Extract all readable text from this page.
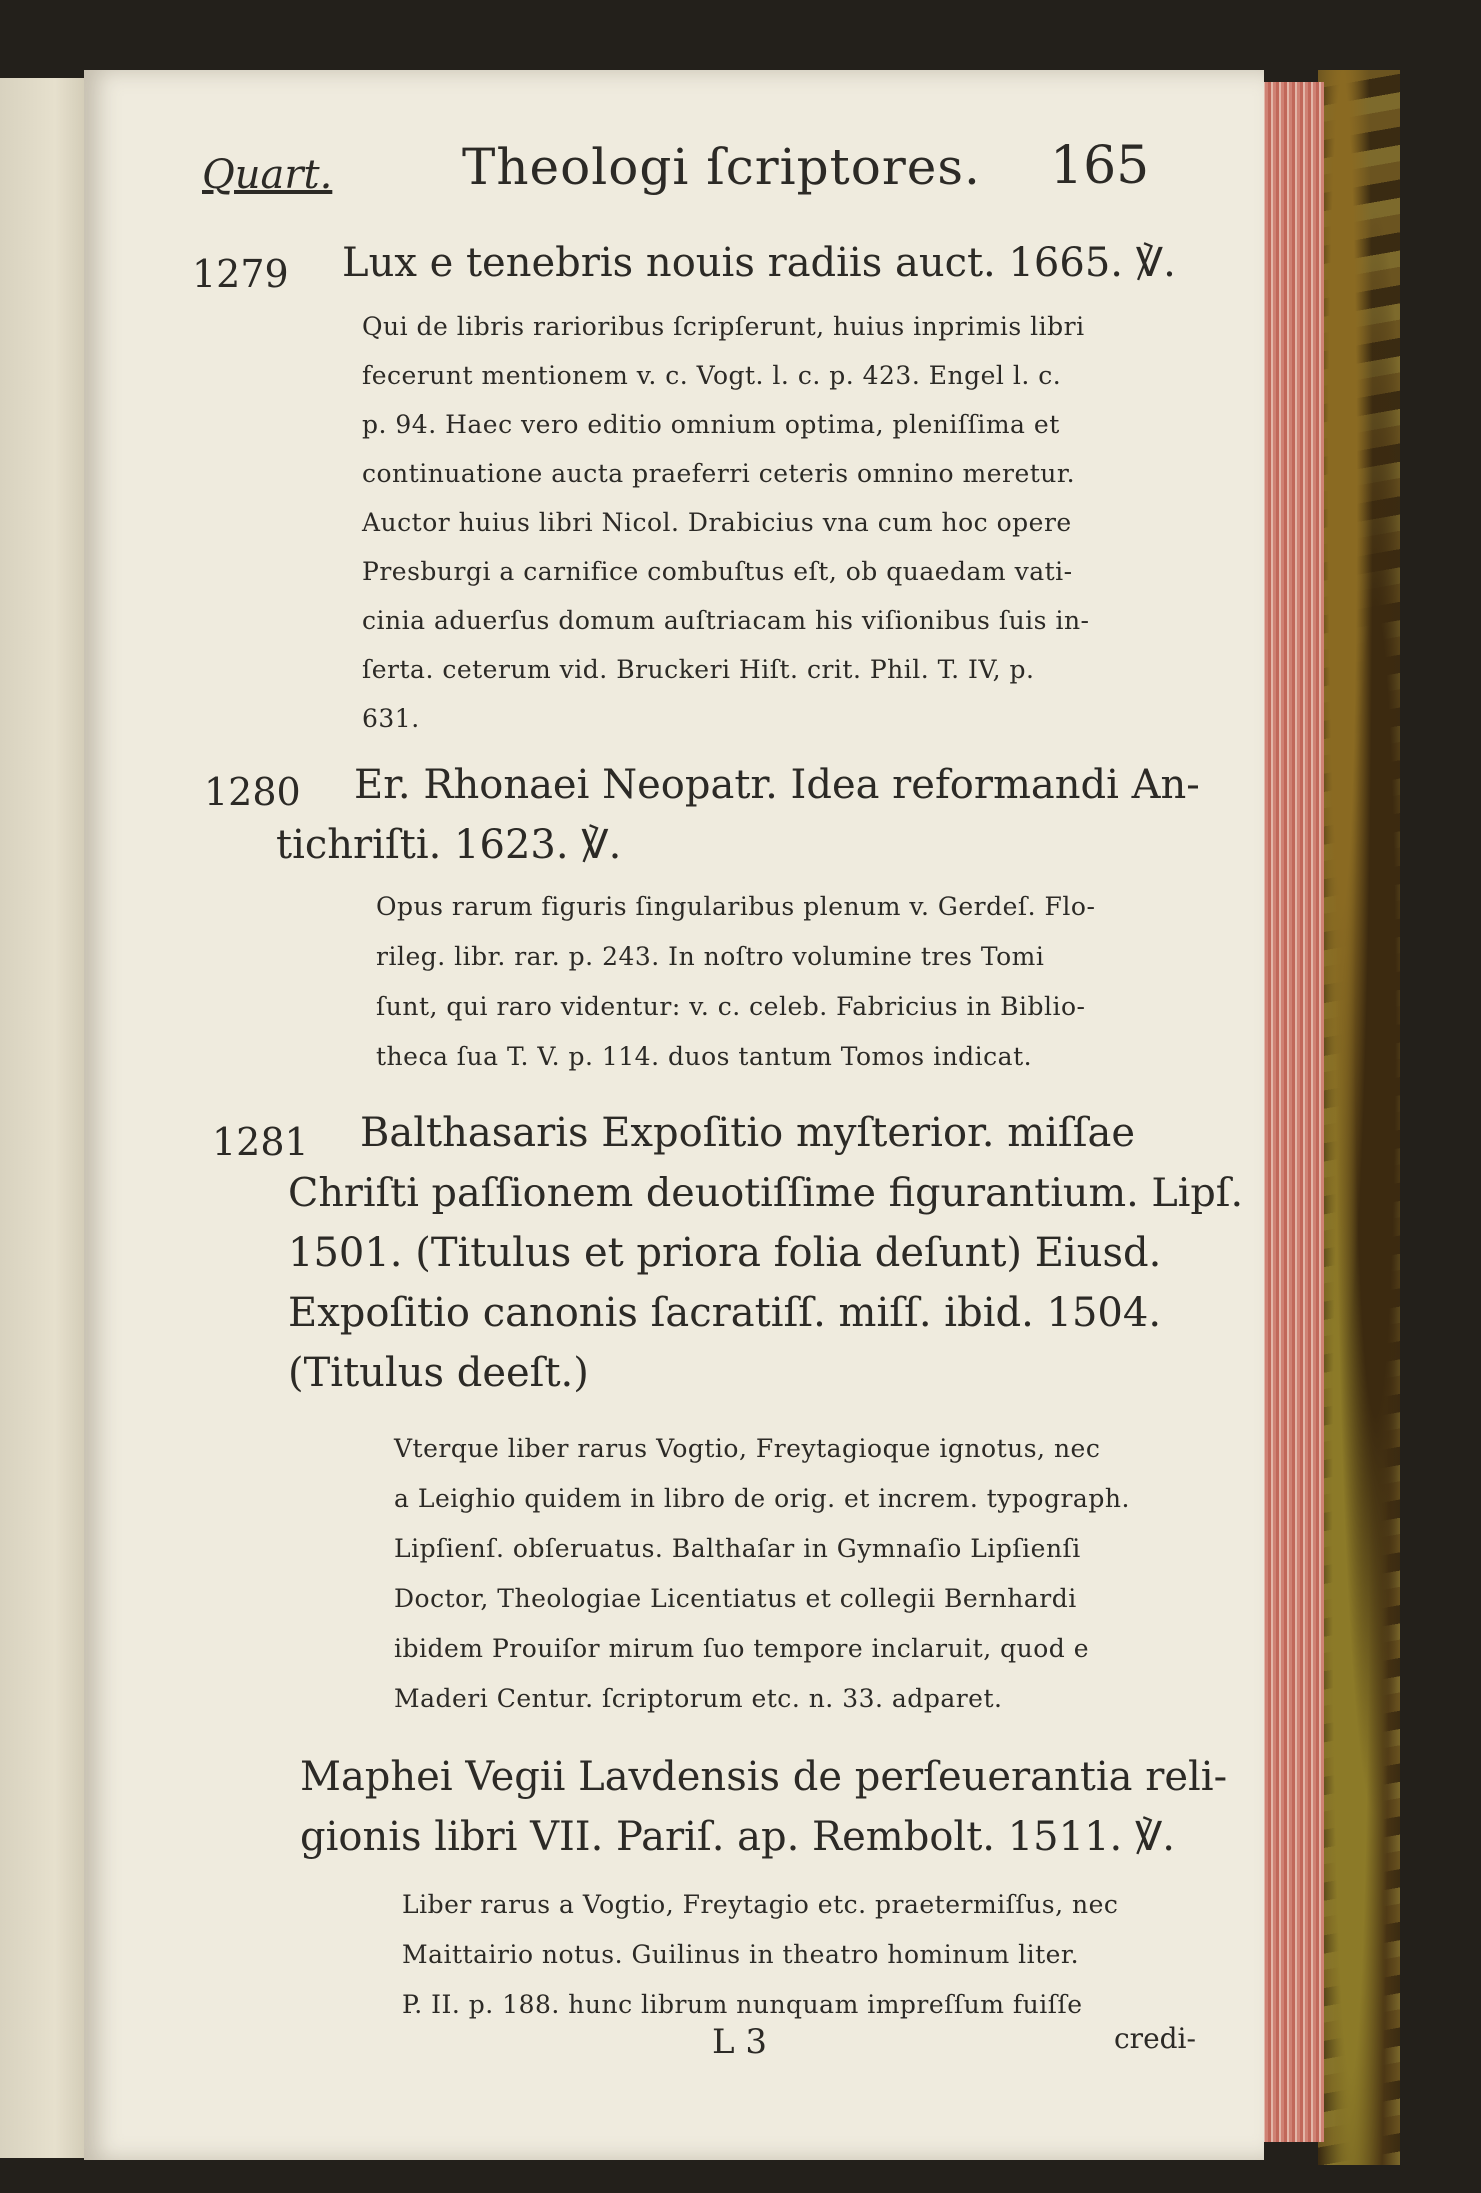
Quart.	Theologi ſcriptores. 165
1279 Lux e tenebris nouis radiis auct. 1665. ℣.
Qui de libris rarioribus ſcripſerunt, huius inprimis libri
fecerunt mentionem v. c. Vogt. l. c. p. 423. Engel l. c.
p. 94. Haec vero editio omnium optima, pleniſſima et
continuatione aucta praeferri ceteris omnino meretur.
Auctor huius libri Nicol. Drabicius vna cum hoc opere
Presburgi a carnifice combuſtus eſt, ob quaedam vati-
cinia aduerſus domum auſtriacam his viſionibus ſuis in-
ſerta. ceterum vid. Bruckeri Hiſt. crit. Phil. T. IV, p.
631.
1280 Er. Rhonaei Neopatr. Idea reformandi An-
tichriſti. 1623. ℣.
Opus rarum figuris ſingularibus plenum v. Gerdeſ. Flo-
rileg. libr. rar. p. 243. In noſtro volumine tres Tomi
ſunt, qui raro videntur: v. c. celeb. Fabricius in Biblio-
theca ſua T. V. p. 114. duos tantum Tomos indicat.
1281 Balthasaris Expoſitio myſterior. miſſae
Chriſti paſſionem deuotiſſime figurantium. Lipſ.
1501. (Titulus et priora folia deſunt) Eiusd.
Expoſitio canonis ſacratiſſ. miſſ. ibid. 1504.
(Titulus deeſt.)
Vterque liber rarus Vogtio, Freytagioque ignotus, nec
a Leighio quidem in libro de orig. et increm. typograph.
Lipſienſ. obſeruatus. Balthaſar in Gymnaſio Lipſienſi
Doctor, Theologiae Licentiatus et collegii Bernhardi
ibidem Prouiſor mirum ſuo tempore inclaruit, quod e
Maderi Centur. ſcriptorum etc. n. 33. adparet.
Maphei Vegii Lavdensis de perſeuerantia reli-
gionis libri VII. Pariſ. ap. Rembolt. 1511. ℣.
Liber rarus a Vogtio, Freytagio etc. praetermiſſus, nec
Maittairio notus. Guilinus in theatro hominum liter.
P. II. p. 188. hunc librum nunquam impreſſum fuiſſe
L 3	credi-
